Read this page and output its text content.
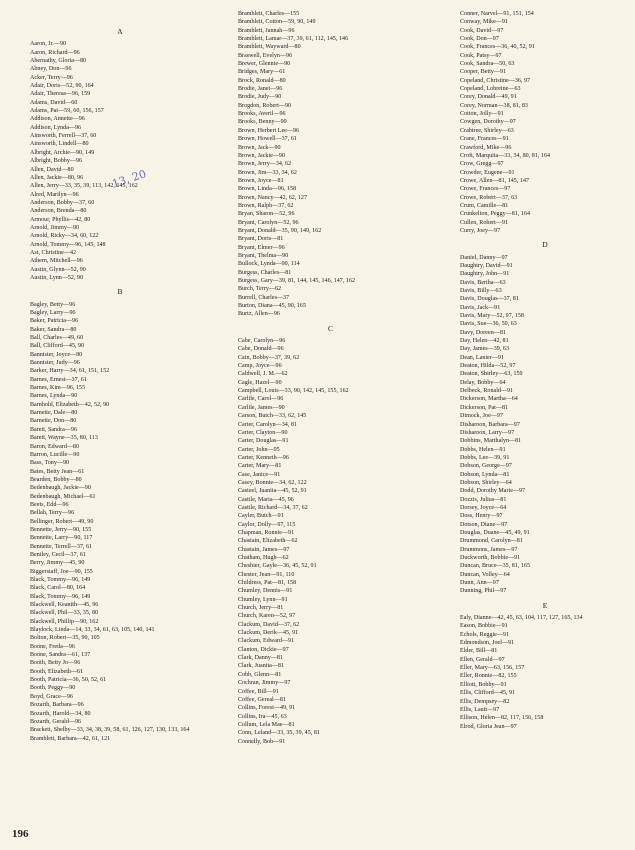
A
Aaron, Jr.—90
Aaron, Richard—96
Abernathy, Gloria—80
Abney, Don—96
Acker, Terry—96
Adair, Doris—52, 90, 164
Adair, Theresa—96, 159
Adams, David—60
Adams, Pat—59, 60, 156, 157
Addison, Annette—96
Addison, Lynda—96
Ainsworth, Ferrell—37, 60
Ainsworth, Lindell—80
Albright, Archie—90, 149
Albright, Bobby—96
Allen, David—80
Allen, Jackie—80, 96
Allen, Jerry—33, 35, 39, 113, 142, 145, 162
Alred, Marilyn—96
Anderson, Bobby—37, 60
Anderson, Brenda—80
Armour, Phyllis—42, 80
Arnold, Jimmy—90
Arnold, Ricky—34, 60, 122
Arnold, Tommy—96, 145, 148
Ast, Christine—42
Athern, Mitchell—96
Austin, Glynn—52, 90
Austin, Lynn—52, 90
B
Bagley, Betty—96
Bagley, Larry—96
Baker, Patricia—96
Baker, Sandra—80
Ball, Charles—49, 60
Ball, Clifford—45, 90
Bannister, Joyce—80
Bannister, Judy—96
Barker, Harry—34, 61, 151, 152
Barnes, Ernest—37, 61
Barnes, Kim—96, 155
Barnes, Lynda—90
Barnhold, Elizabeth—42, 52, 90
Barnette, Dale—80
Barnette, Don—80
Barett, Sandra—96
Barett, Wayne—35, 80, 113
Baron, Edward—80
Barron, Lucille—90
Bass, Tony—90
Bates, Betty Jean—61
Bearden, Bobby—80
Bedenbaugh, Jackie—90
Bedenbaugh, Michael—61
Beets, Edd—96
Bellah, Terry—96
Bellinger, Robert—49, 90
Bennette, Jerry—90, 155
Bennette, Larry—90, 117
Bennette, Terrell—37, 61
Bentley, Cecil—37, 61
Berry, Jimmy—45, 90
Biggerstaff, Joe—90, 155
Black, Tommy—96, 149
Black, Carol—80, 164
Black, Tommy—96, 149
Blackwell, Keanith—45, 96
Blackwell, Phil—33, 35, 80
Blackwell, Phillip—90, 162
Blaylock, Linda—14, 33, 34, 61, 63, 105, 140, 141
Bolton, Robert—35, 90, 105
Boone, Freda—96
Boone, Sandra—61, 137
Booth, Betty Jo—96
Booth, Elizabeth—61
Booth, Patricia—36, 50, 52, 61
Booth, Peggy—90
Boyd, Grace—96
Bozarth, Barbara—96
Bozarth, Harold—34, 80
Bozarth, Gerald—96
Brackett, Shelby—33, 34, 38, 39, 58, 61, 126, 127, 130, 133, 164
Bramblett, Barbara—42, 61, 121
Bramblett, Charles—155
Bramblett, Cotton—59, 90, 149
Bramblett, Jannah—96
Bramblett, Lamar—37, 39, 61, 112, 145, 146
Bramblett, Wayward—80
Braswell, Evelyn—96
Brewer, Glennie—90
Bridges, Mary—61
Brock, Ronald—80
Brodie, Janet—96
Brodie, Judy—90
Brogdon, Robert—90
Brooks, Averil—96
Brooks, Benny—90
Brown, Herbert Lee—96
Brown, Howell—37, 61
Brown, Jack—90
Brown, Jackie—90
Brown, Jerry—34, 62
Brown, Jim—33, 34, 62
Brown, Joyce—81
Brown, Linda—96, 158
Brown, Nancy—42, 62, 127
Brown, Ralph—37, 62
Bryan, Sharon—52, 96
Bryant, Carolyn—52, 96
Bryant, Donald—35, 90, 149, 162
Bryant, Doris—81
Bryant, Elmer—96
Bryant, Thelma—90
Bullock, Lynda—90, 114
Burgess, Charles—81
Burgess, Gary—39, 81, 144, 145, 146, 147, 162
Burch, Terry—62
Burrell, Charles—37
Burton, Diana—45, 90, 165
Burtz, Allen—96
C
Cabe, Carolyn—96
Cabe, Donald—96
Cain, Bobby—37, 39, 62
Camp, Joyce—96
Caldwell, J. M.—62
Cagle, Hazel—90
Campbell, Louis—33, 90, 142, 145, 155, 162
Carlile, Carol—96
Carlile, James—90
Carson, Butch—33, 62, 145
Carter, Carolyn—34, 81
Carter, Clayton—90
Carter, Douglas—91
Carter, John—95
Carter, Kenneth—96
Carter, Mary—81
Case, Janice—91
Casey, Bonnie—34, 62, 122
Casteel, Juanita—45, 52, 91
Castile, Maria—45, 96
Castile, Richard—34, 37, 62
Cayler, Butch—91
Caylor, Dolly—97, 115
Chapman, Ronnie—91
Chastain, Elizabeth—62
Chastain, James—97
Chatham, Hugh—62
Cheshier, Gayle—36, 45, 52, 91
Chester, Jean—91, 110
Childress, Pat—81, 158
Chumley, Dennis—91
Chumley, Lynn—91
Church, Jerry—81
Church, Karen—52, 97
Clackum, David—37, 62
Clackum, Derik—45, 91
Clackum, Edward—91
Clanton, Dickie—97
Clark, Danny—81
Clark, Juanita—81
Cobb, Glenn—81
Cochran, Jimmy—97
Coffee, Bill—91
Coffee, Gereal—81
Collins, Forest—49, 91
Collins, Ira—45, 63
Collum, Lela Mae—81
Conn, Leland—33, 35, 39, 45, 81
Connelly, Bob—91
Conner, Narvel—91, 151, 154
Conway, Mike—91
Cook, David—97
Cook, Don—97
Cook, Frances—36, 40, 52, 91
Cook, Patsy—97
Cook, Sandra—50, 63
Cooper, Betty—91
Copeland, Christine—36, 97
Copeland, Lohreine—63
Corey, Donald—49, 91
Corey, Norman—38, 81, 83
Cotton, Jolly—91
Cowgen, Dorothy—97
Crabtree, Shirley—63
Crane, Frances—91
Crawford, Mike—96
Croft, Marquita—33, 34, 80, 81, 164
Crow, Gregg—97
Crowder, Eugene—91
Crowe, Allen—81, 145, 147
Crowe, Frances—97
Crowe, Robert—37, 63
Crum, Camille—81
Crunkelton, Peggy—81, 164
Cullen, Robert—91
Curry, Joey—97
D
Daniel, Danny—97
Daughtry, David—91
Daughtry, John—91
Davis, Bertha—63
Davis, Billy—63
Davis, Douglas—37, 81
Davis, Jack—91
Davis, Mary—52, 97, 158
Davis, Sue—36, 50, 63
Davy, Doreen—81
Day, Helen—42, 81
Day, James—39, 63
Dean, Lanier—91
Deaton, Hilda—52, 97
Deaton, Shirley—63, 159
Delay, Bobby—64
Delbeck, Ronald—91
Dickerson, Martha—64
Dickerson, Pat—81
Dimock, Joe—97
Disharoon, Barbara—97
Disharoon, Larry—97
Dobbins, Marthalyn—81
Dobbs, Helen—91
Dobbs, Lee—39, 91
Dobson, George—97
Dobson, Lynda—81
Dobson, Shirley—64
Dodd, Dorothy Marie—97
Dozzis, Julius—81
Dorsey, Joyce—64
Doss, Henry—97
Dotson, Diane—97
Douglas, Duane—45, 49, 91
Drummond, Carolyn—81
Drummons, James—97
Duckworth, Bobbie—91
Duncan, Bruce—35, 81, 165
Duncan, Volley—64
Dunn, Ann—97
Dunning, Phil—97
E
Ealy, Dianne—42, 45, 63, 104, 117, 127, 165, 134
Eason, Bobbie—91
Echols, Reggie—91
Edmondson, Joel—91
Elder, Bill—81
Ellen, Gerald—97
Eller, Mary—63, 156, 157
Eller, Ronnie—82, 155
Elliott, Bobby—91
Ellis, Clifford—45, 91
Ellis, Dempsey—82
Ellis, Lautt—97
Ellison, Helen—82, 117, 156, 158
Elrod, Gloria Jean—97
13, 20
196
